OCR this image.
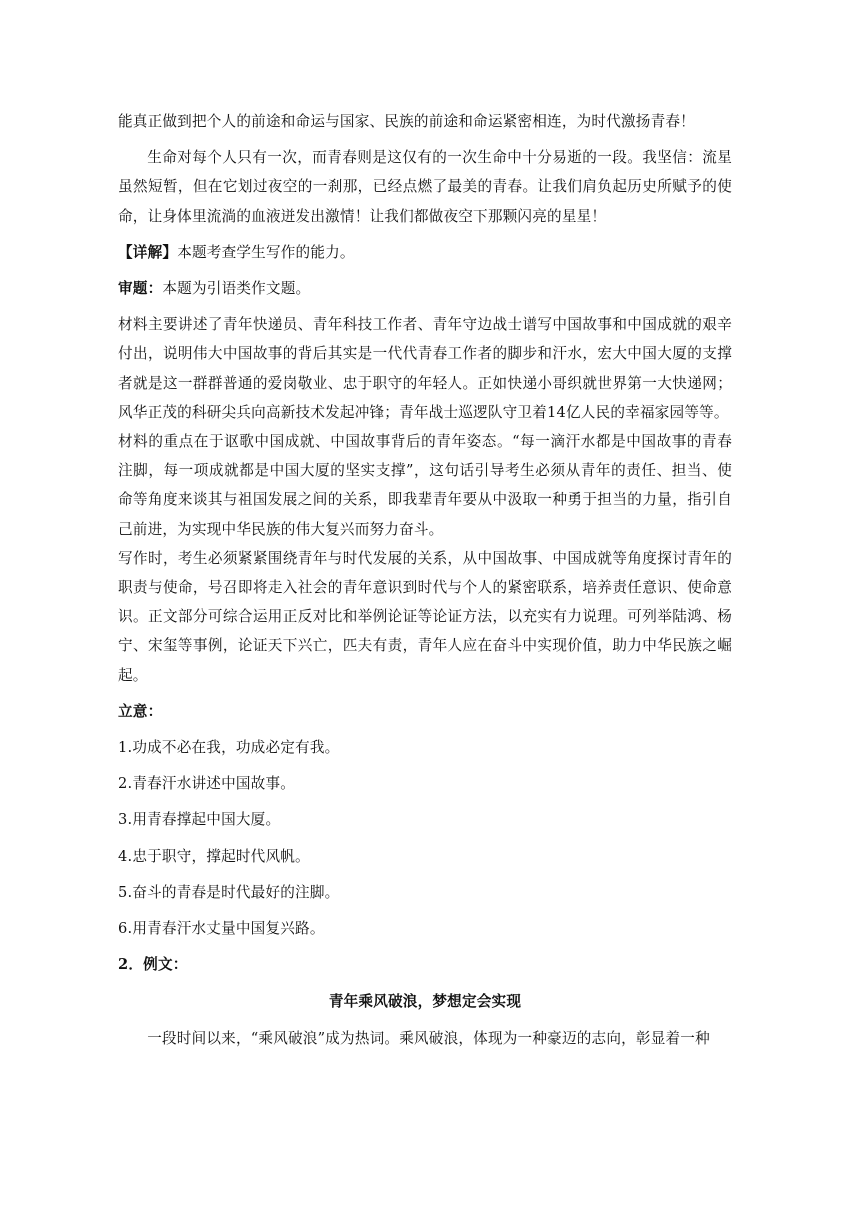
能真正做到把个人的前途和命运与国家、民族的前途和命运紧密相连，为时代激扬青春！

生命对每个人只有一次，而青春则是这仅有的一次生命中十分易逝的一段。我坚信：流星虽然短暂，但在它划过夜空的一刹那，已经点燃了最美的青春。让我们肩负起历史所赋予的使命，让身体里流淌的血液迸发出激情！让我们都做夜空下那颗闪亮的星星！

【详解】本题考查学生写作的能力。

审题：本题为引语类作文题。

材料主要讲述了青年快递员、青年科技工作者、青年守边战士谱写中国故事和中国成就的艰辛付出，说明伟大中国故事的背后其实是一代代青春工作者的脚步和汗水，宏大中国大厦的支撑者就是这一群群普通的爱岗敬业、忠于职守的年轻人。正如快递小哥织就世界第一大快递网；风华正茂的科研尖兵向高新技术发起冲锋；青年战士巡逻队守卫着14亿人民的幸福家园等等。

材料的重点在于讴歌中国成就、中国故事背后的青年姿态。“每一滴汗水都是中国故事的青春注脚，每一项成就都是中国大厦的坚实支撑”，这句话引导考生必须从青年的责任、担当、使命等角度来谈其与祖国发展之间的关系，即我辈青年要从中汲取一种勇于担当的力量，指引自己前进，为实现中华民族的伟大复兴而努力奋斗。

写作时，考生必须紧紧围绕青年与时代发展的关系，从中国故事、中国成就等角度探讨青年的职责与使命，号召即将走入社会的青年意识到时代与个人的紧密联系，培养责任意识、使命意识。正文部分可综合运用正反对比和举例论证等论证方法，以充实有力说理。可列举陆鸿、杨宁、宋玺等事例，论证天下兴亡，匹夫有责，青年人应在奋斗中实现价值，助力中华民族之崛起。

立意：

1.功成不必在我，功成必定有我。

2.青春汗水讲述中国故事。

3.用青春撑起中国大厦。

4.忠于职守，撑起时代风帆。

5.奋斗的青春是时代最好的注脚。

6.用青春汗水丈量中国复兴路。

2．例文：

青年乘风破浪，梦想定会实现

一段时间以来，“乘风破浪”成为热词。乘风破浪，体现为一种豪迈的志向，彰显着一种
